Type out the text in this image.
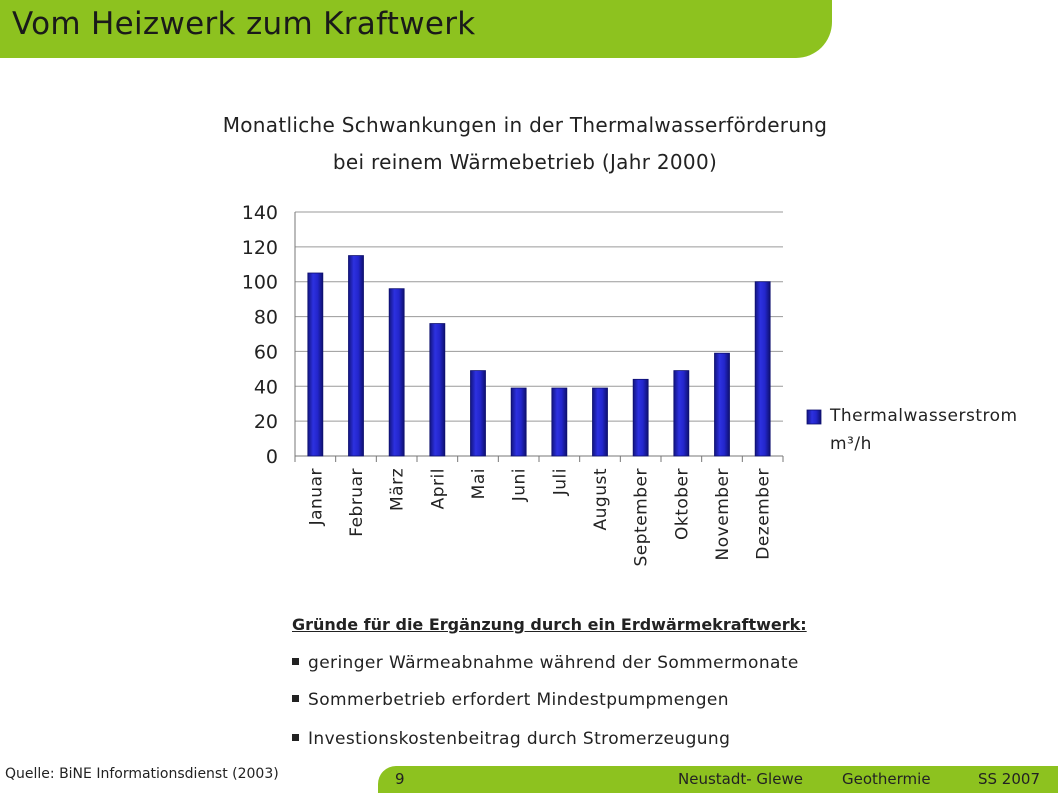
Vom Heizwerk zum Kraftwerk
Monatliche Schwankungen in der Thermalwasserförderung
bei reinem Wärmebetrieb (Jahr 2000)
0
20
40
60
80
100
120
140
Januar Februar März April Mai Juni Juli August September Oktober November Dezember
Thermalwasserstrom
m³/h
Gründe für die Ergänzung durch ein Erdwärmekraftwerk:
geringer Wärmeabnahme während der Sommermonate
Sommerbetrieb erfordert Mindestpumpmengen
Investionskostenbeitrag durch Stromerzeugung
Quelle: BiNE Informationsdienst (2003)	9	Neustadt- Glewe	Geothermie	SS 2007
